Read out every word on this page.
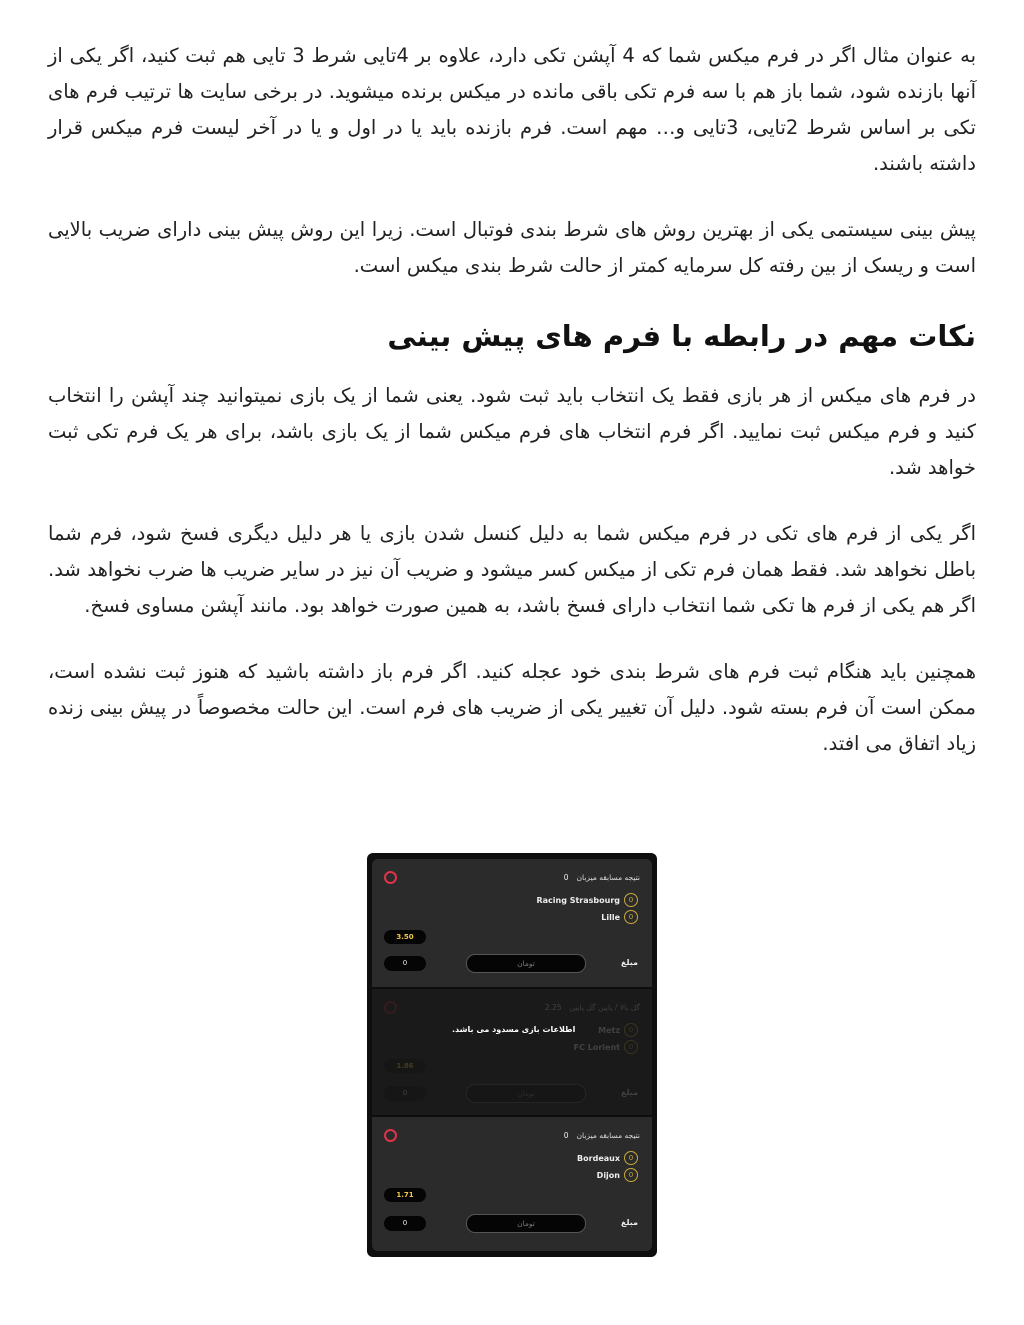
به عنوان مثال اگر در فرم میکس شما که 4 آپشن تکی دارد، علاوه بر 4تایی شرط 3 تایی هم ثبت کنید، اگر یکی از آنها بازنده شود، شما باز هم با سه فرم تکی باقی مانده در میکس برنده میشوید. در برخی سایت ها ترتیب فرم های تکی بر اساس شرط 2تایی، 3تایی و… مهم است. فرم بازنده باید یا در اول و یا در آخر لیست فرم میکس قرار داشته باشند.

پیش بینی سیستمی یکی از بهترین روش های شرط بندی فوتبال است. زیرا این روش پیش بینی دارای ضریب بالایی است و ریسک از بین رفته کل سرمایه کمتر از حالت شرط بندی میکس است.

نکات مهم در رابطه با فرم های پیش بینی

در فرم های میکس از هر بازی فقط یک انتخاب باید ثبت شود. یعنی شما از یک بازی نمیتوانید چند آپشن را انتخاب کنید و فرم میکس ثبت نمایید. اگر فرم انتخاب های فرم میکس شما از یک بازی باشد، برای هر یک فرم تکی ثبت خواهد شد.

اگر یکی از فرم های تکی در فرم میکس شما به دلیل کنسل شدن بازی یا هر دلیل دیگری فسخ شود، فرم شما باطل نخواهد شد. فقط همان فرم تکی از میکس کسر میشود و ضریب آن نیز در سایر ضریب ها ضرب نخواهد شد. اگر هم یکی از فرم ها تکی شما انتخاب دارای فسخ باشد، به همین صورت خواهد بود. مانند آپشن مساوی فسخ.

همچنین باید هنگام ثبت فرم های شرط بندی خود عجله کنید. اگر فرم باز داشته باشید که هنوز ثبت نشده است، ممکن است آن فرم بسته شود. دلیل آن تغییر یکی از ضریب های فرم است. این حالت مخصوصاً در پیش بینی زنده زیاد اتفاق می افتد.

نتیجه مسابقه میزبان0
Racing Strasbourg	0
Lille	0
3.50
0	تومان	مبلغ
گل بالا / پایین گل پایین2.25
Metz	0
FC Lorient	0
1.86
0	تومان	مبلغ
اطلاعات بازی مسدود می باشد.
نتیجه مسابقه میزبان0
Bordeaux	0
Dijon	0
1.71
0	تومان	مبلغ
